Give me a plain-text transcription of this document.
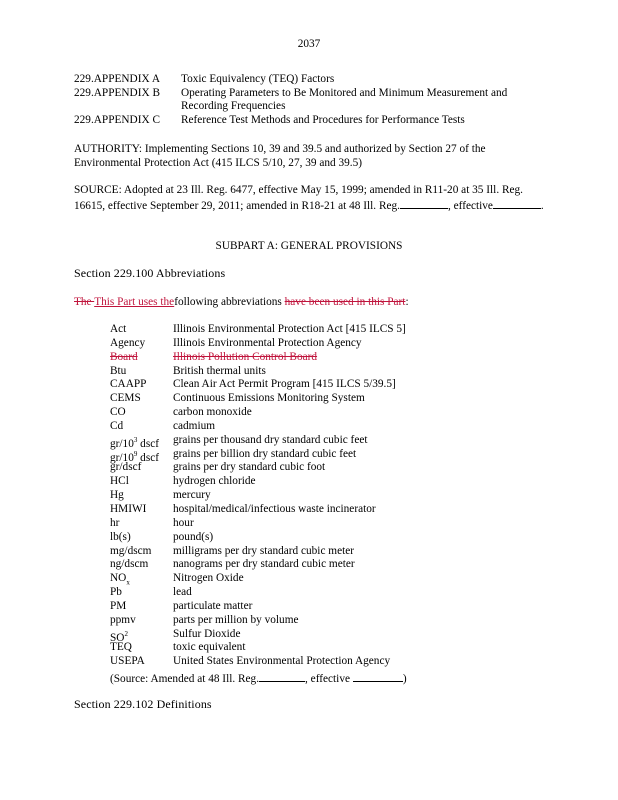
2037
229.APPENDIX A	Toxic Equivalency (TEQ) Factors
229.APPENDIX B	Operating Parameters to Be Monitored and Minimum Measurement and Recording Frequencies
229.APPENDIX C	Reference Test Methods and Procedures for Performance Tests
AUTHORITY: Implementing Sections 10, 39 and 39.5 and authorized by Section 27 of the Environmental Protection Act (415 ILCS 5/10, 27, 39 and 39.5)
SOURCE: Adopted at 23 Ill. Reg. 6477, effective May 15, 1999; amended in R11-20 at 35 Ill. Reg. 16615, effective September 29, 2011; amended in R18-21 at 48 Ill. Reg.	, effective	.
SUBPART A: GENERAL PROVISIONS
Section 229.100 Abbreviations
The This Part uses thefollowing abbreviations have been used in this Part:
Act	Illinois Environmental Protection Act [415 ILCS 5]
Agency	Illinois Environmental Protection Agency
Board	Illinois Pollution Control Board
Btu	British thermal units
CAAPP	Clean Air Act Permit Program [415 ILCS 5/39.5]
CEMS	Continuous Emissions Monitoring System
CO	carbon monoxide
Cd	cadmium
$gr/10^3$ dscf	grains per thousand dry standard cubic feet
$gr/10^9$ dscf	grains per billion dry standard cubic feet
gr/dscf	grains per dry standard cubic foot
HCl	hydrogen chloride
Hg	mercury
HMIWI	hospital/medical/infectious waste incinerator
hr	hour
lb(s)	pound(s)
mg/dscm	milligrams per dry standard cubic meter
ng/dscm	nanograms per dry standard cubic meter
$NO_x$	Nitrogen Oxide
Pb	lead
PM	particulate matter
ppmv	parts per million by volume
$SO^2$	Sulfur Dioxide
TEQ	toxic equivalent
USEPA	United States Environmental Protection Agency
(Source: Amended at 48 Ill. Reg.	, effective	)
Section 229.102 Definitions
